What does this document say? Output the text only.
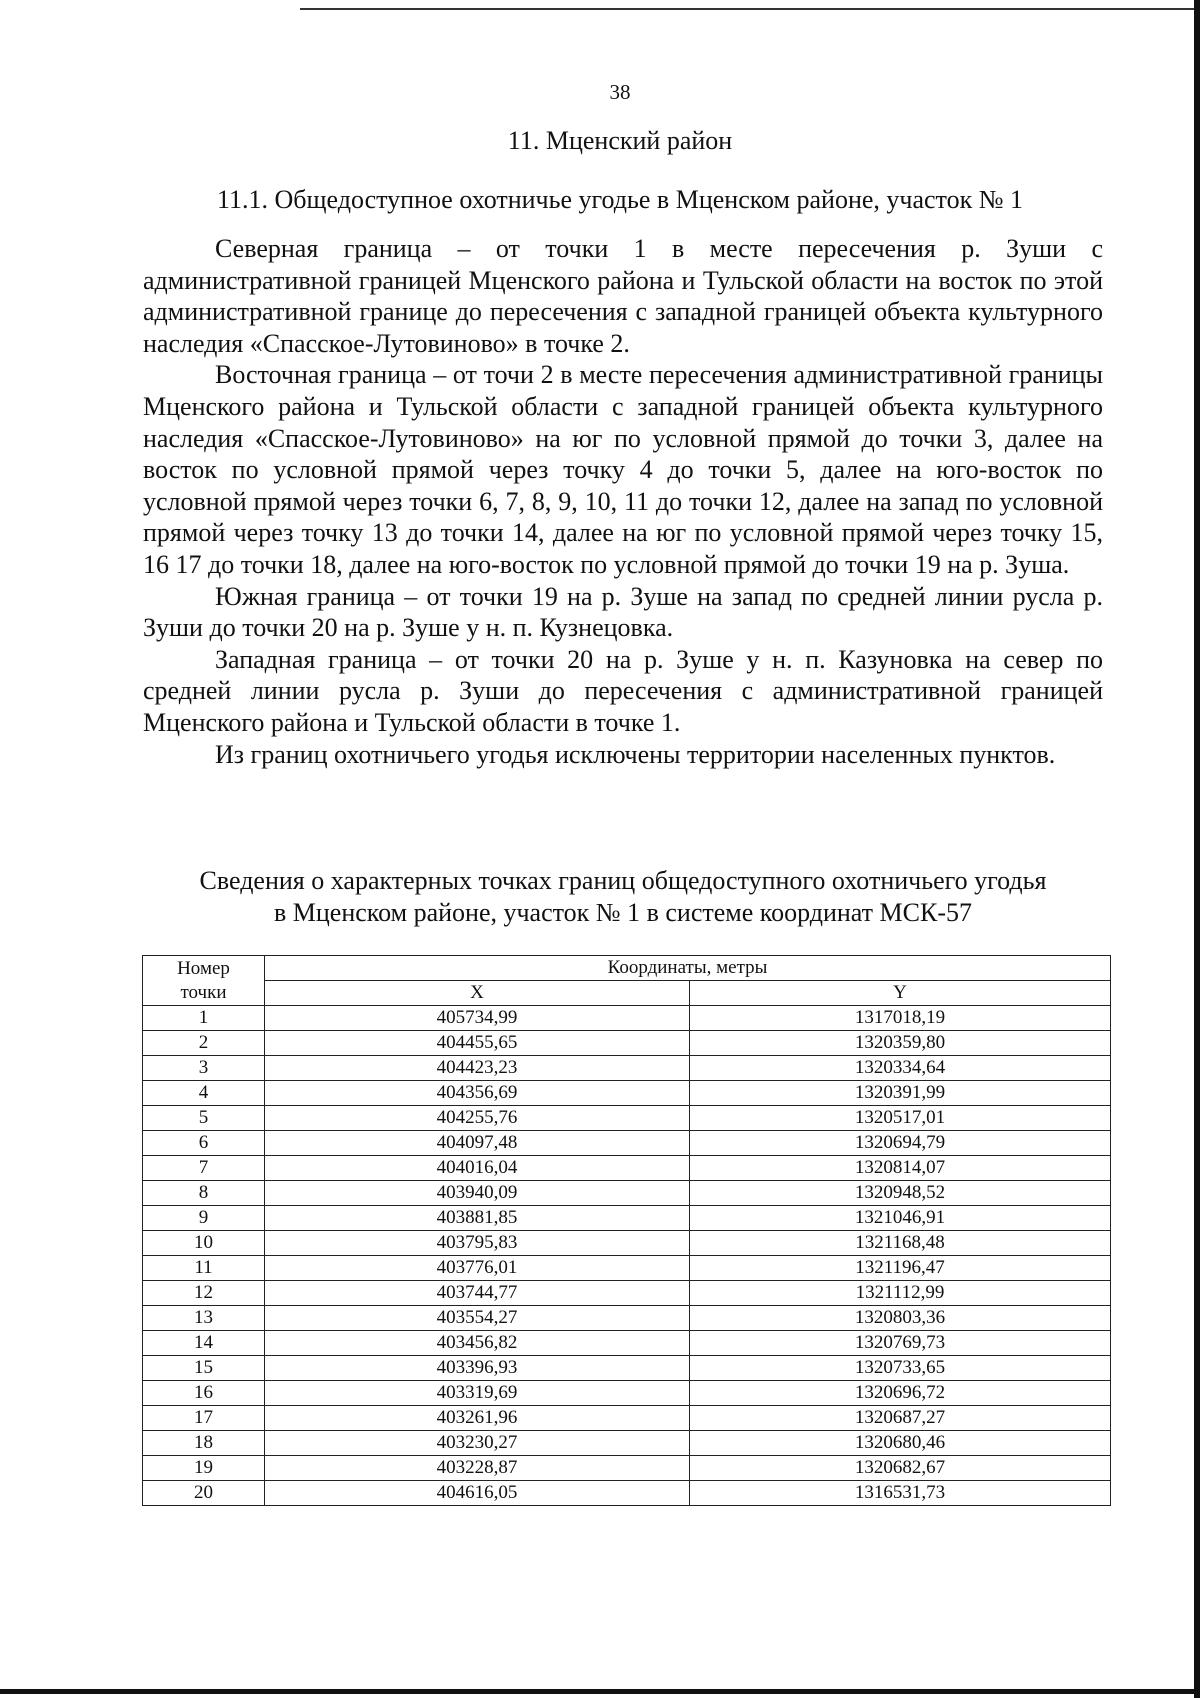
38
11. Мценский район
11.1. Общедоступное охотничье угодье в Мценском районе, участок № 1

Северная граница – от точки 1 в месте пересечения р. Зуши с административной границей Мценского района и Тульской области на восток по этой административной границе до пересечения с западной границей объекта культурного наследия «Спасское-Лутовиново» в точке 2.

Восточная граница – от точи 2 в месте пересечения административной границы Мценского района и Тульской области с западной границей объекта культурного наследия «Спасское-Лутовиново» на юг по условной прямой до точки 3, далее на восток по условной прямой через точку 4 до точки 5, далее на юго-восток по условной прямой через точки 6, 7, 8, 9, 10, 11 до точки 12, далее на запад по условной прямой через точку 13 до точки 14, далее на юг по условной прямой через точку 15, 16 17 до точки 18, далее на юго-восток по условной прямой до точки 19 на р. Зуша.

Южная граница – от точки 19 на р. Зуше на запад по средней линии русла р. Зуши до точки 20 на р. Зуше у н. п. Кузнецовка.

Западная граница – от точки 20 на р. Зуше у н. п. Казуновка на север по средней линии русла р. Зуши до пересечения с административной границей Мценского района и Тульской области в точке 1.

Из границ охотничьего угодья исключены территории населенных пунктов.

Сведения о характерных точках границ общедоступного охотничьего угодья
в Мценском районе, участок № 1 в системе координат МСК-57
Номер
точки	Координаты, метры	
	X	Y
1	405734,99	1317018,19
2	404455,65	1320359,80
3	404423,23	1320334,64
4	404356,69	1320391,99
5	404255,76	1320517,01
6	404097,48	1320694,79
7	404016,04	1320814,07
8	403940,09	1320948,52
9	403881,85	1321046,91
10	403795,83	1321168,48
11	403776,01	1321196,47
12	403744,77	1321112,99
13	403554,27	1320803,36
14	403456,82	1320769,73
15	403396,93	1320733,65
16	403319,69	1320696,72
17	403261,96	1320687,27
18	403230,27	1320680,46
19	403228,87	1320682,67
20	404616,05	1316531,73
